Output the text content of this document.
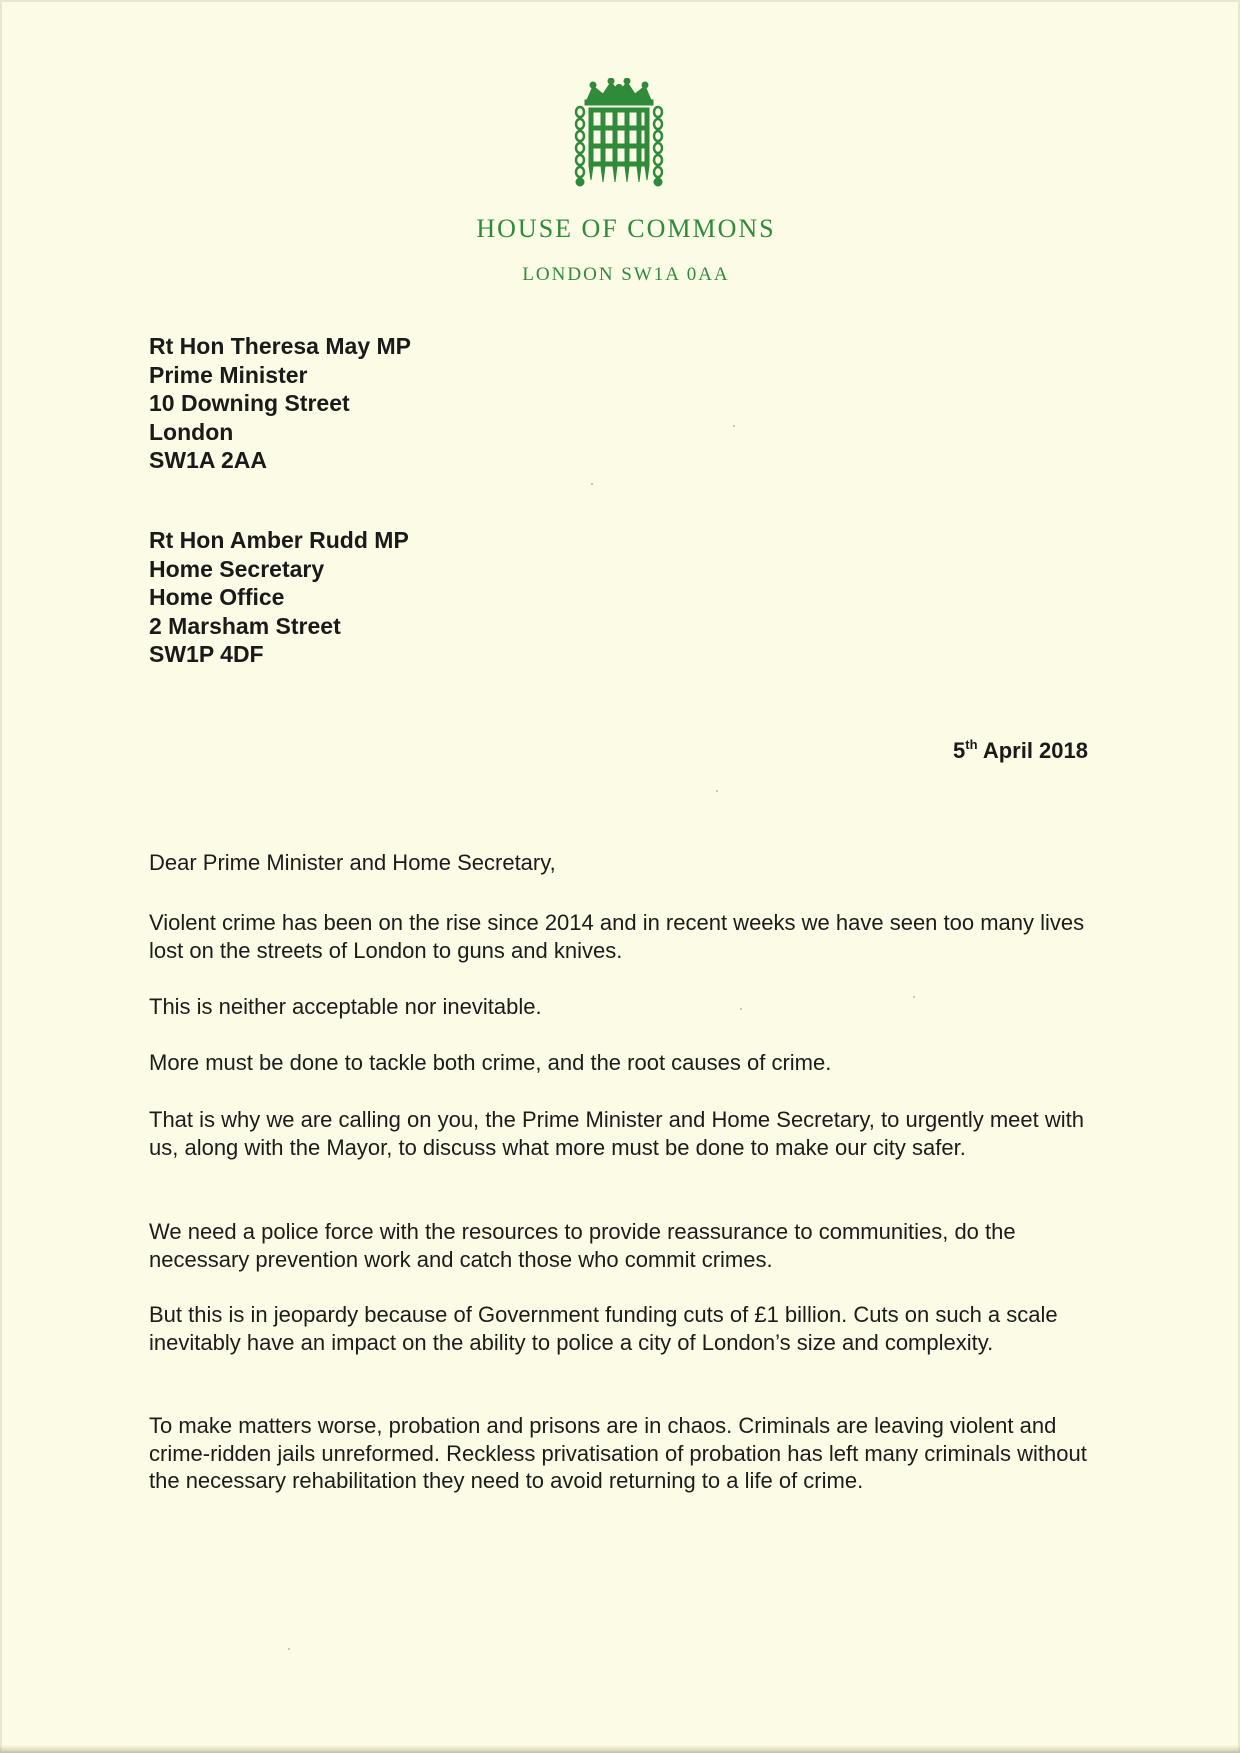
HOUSE OF COMMONS
LONDON SW1A 0AA
Rt Hon Theresa May MP
Prime Minister
10 Downing Street
London
SW1A 2AA
Rt Hon Amber Rudd MP
Home Secretary
Home Office
2 Marsham Street
SW1P 4DF
5th April 2018
Dear Prime Minister and Home Secretary,

Violent crime has been on the rise since 2014 and in recent weeks we have seen too many lives lost on the streets of London to guns and knives.

This is neither acceptable nor inevitable.

More must be done to tackle both crime, and the root causes of crime.

That is why we are calling on you, the Prime Minister and Home Secretary, to urgently meet with us, along with the Mayor, to discuss what more must be done to make our city safer.

We need a police force with the resources to provide reassurance to communities, do the necessary prevention work and catch those who commit crimes.

But this is in jeopardy because of Government funding cuts of £1 billion. Cuts on such a scale inevitably have an impact on the ability to police a city of London’s size and complexity.

To make matters worse, probation and prisons are in chaos. Criminals are leaving violent and crime-ridden jails unreformed. Reckless privatisation of probation has left many criminals without the necessary rehabilitation they need to avoid returning to a life of crime.
